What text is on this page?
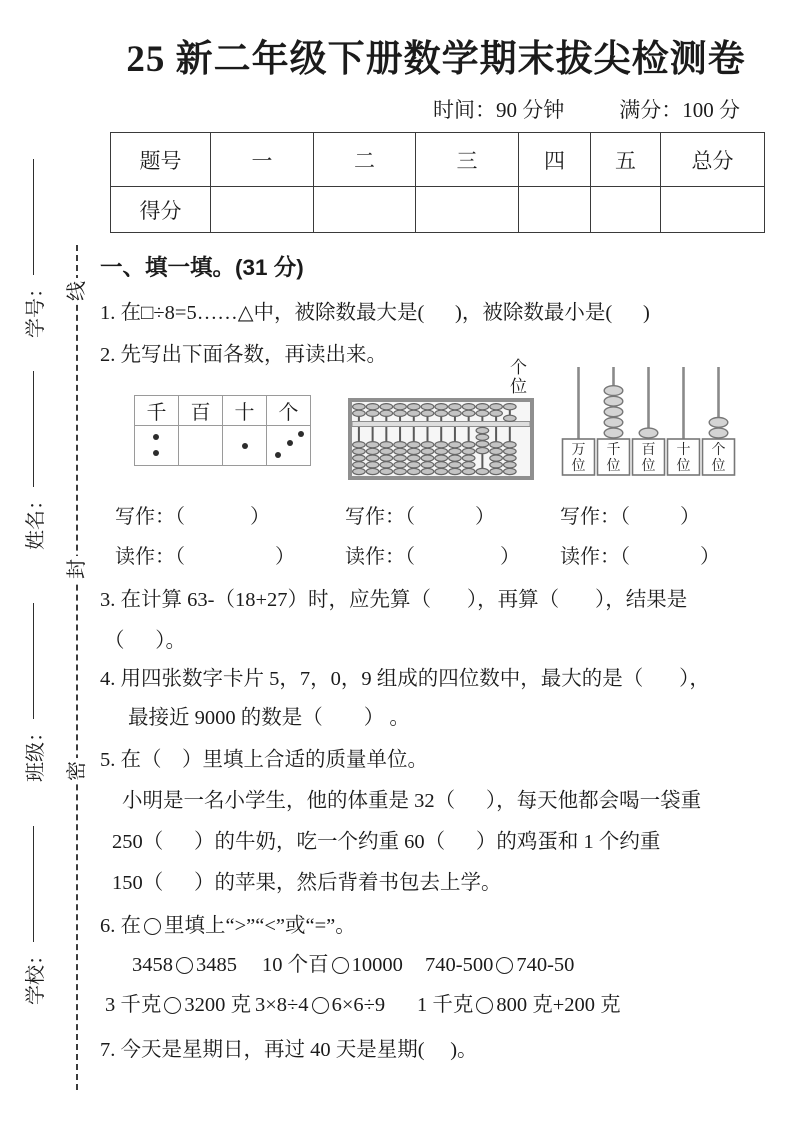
学号：
姓名：
班级：
学校：
线
封
密
25 新二年级下册数学期末拔尖检测卷
时间：90 分钟	满分：100 分
题号	一	二	三	四	五	总分
得分						
一、填一填。(31 分)
1. 在□÷8=5……△中，被除数最大是(      )，被除数最小是(      )
2. 先写出下面各数，再读出来。
千	百	十	个

个位
万
位
千
位
百
位
十
位
个
位
写作：（             ）	写作：（            ）	写作：（          ）
读作：（                  ）	读作：（                 ）	读作：（              ）
3. 在计算 63-（18+27）时，应先算（       ），再算（       ），结果是
（      ）。
4. 用四张数字卡片 5，7，0，9 组成的四位数中，最大的是（       ），
最接近 9000 的数是（        ） 。
5. 在（    ）里填上合适的质量单位。
小明是一名小学生，他的体重是 32（      ），每天他都会喝一袋重
250（      ）的牛奶，吃一个约重 60（      ）的鸡蛋和 1 个约重
150（      ）的苹果，然后背着书包去上学。
6. 在 里填上“>”“<”或“=”。
3458 3485 10 个百 10000 740-500 740-50
3 千克 3200 克 3×8÷4 6×6÷9 1 千克 800 克+200 克
7. 今天是星期日，再过 40 天是星期(     )。
